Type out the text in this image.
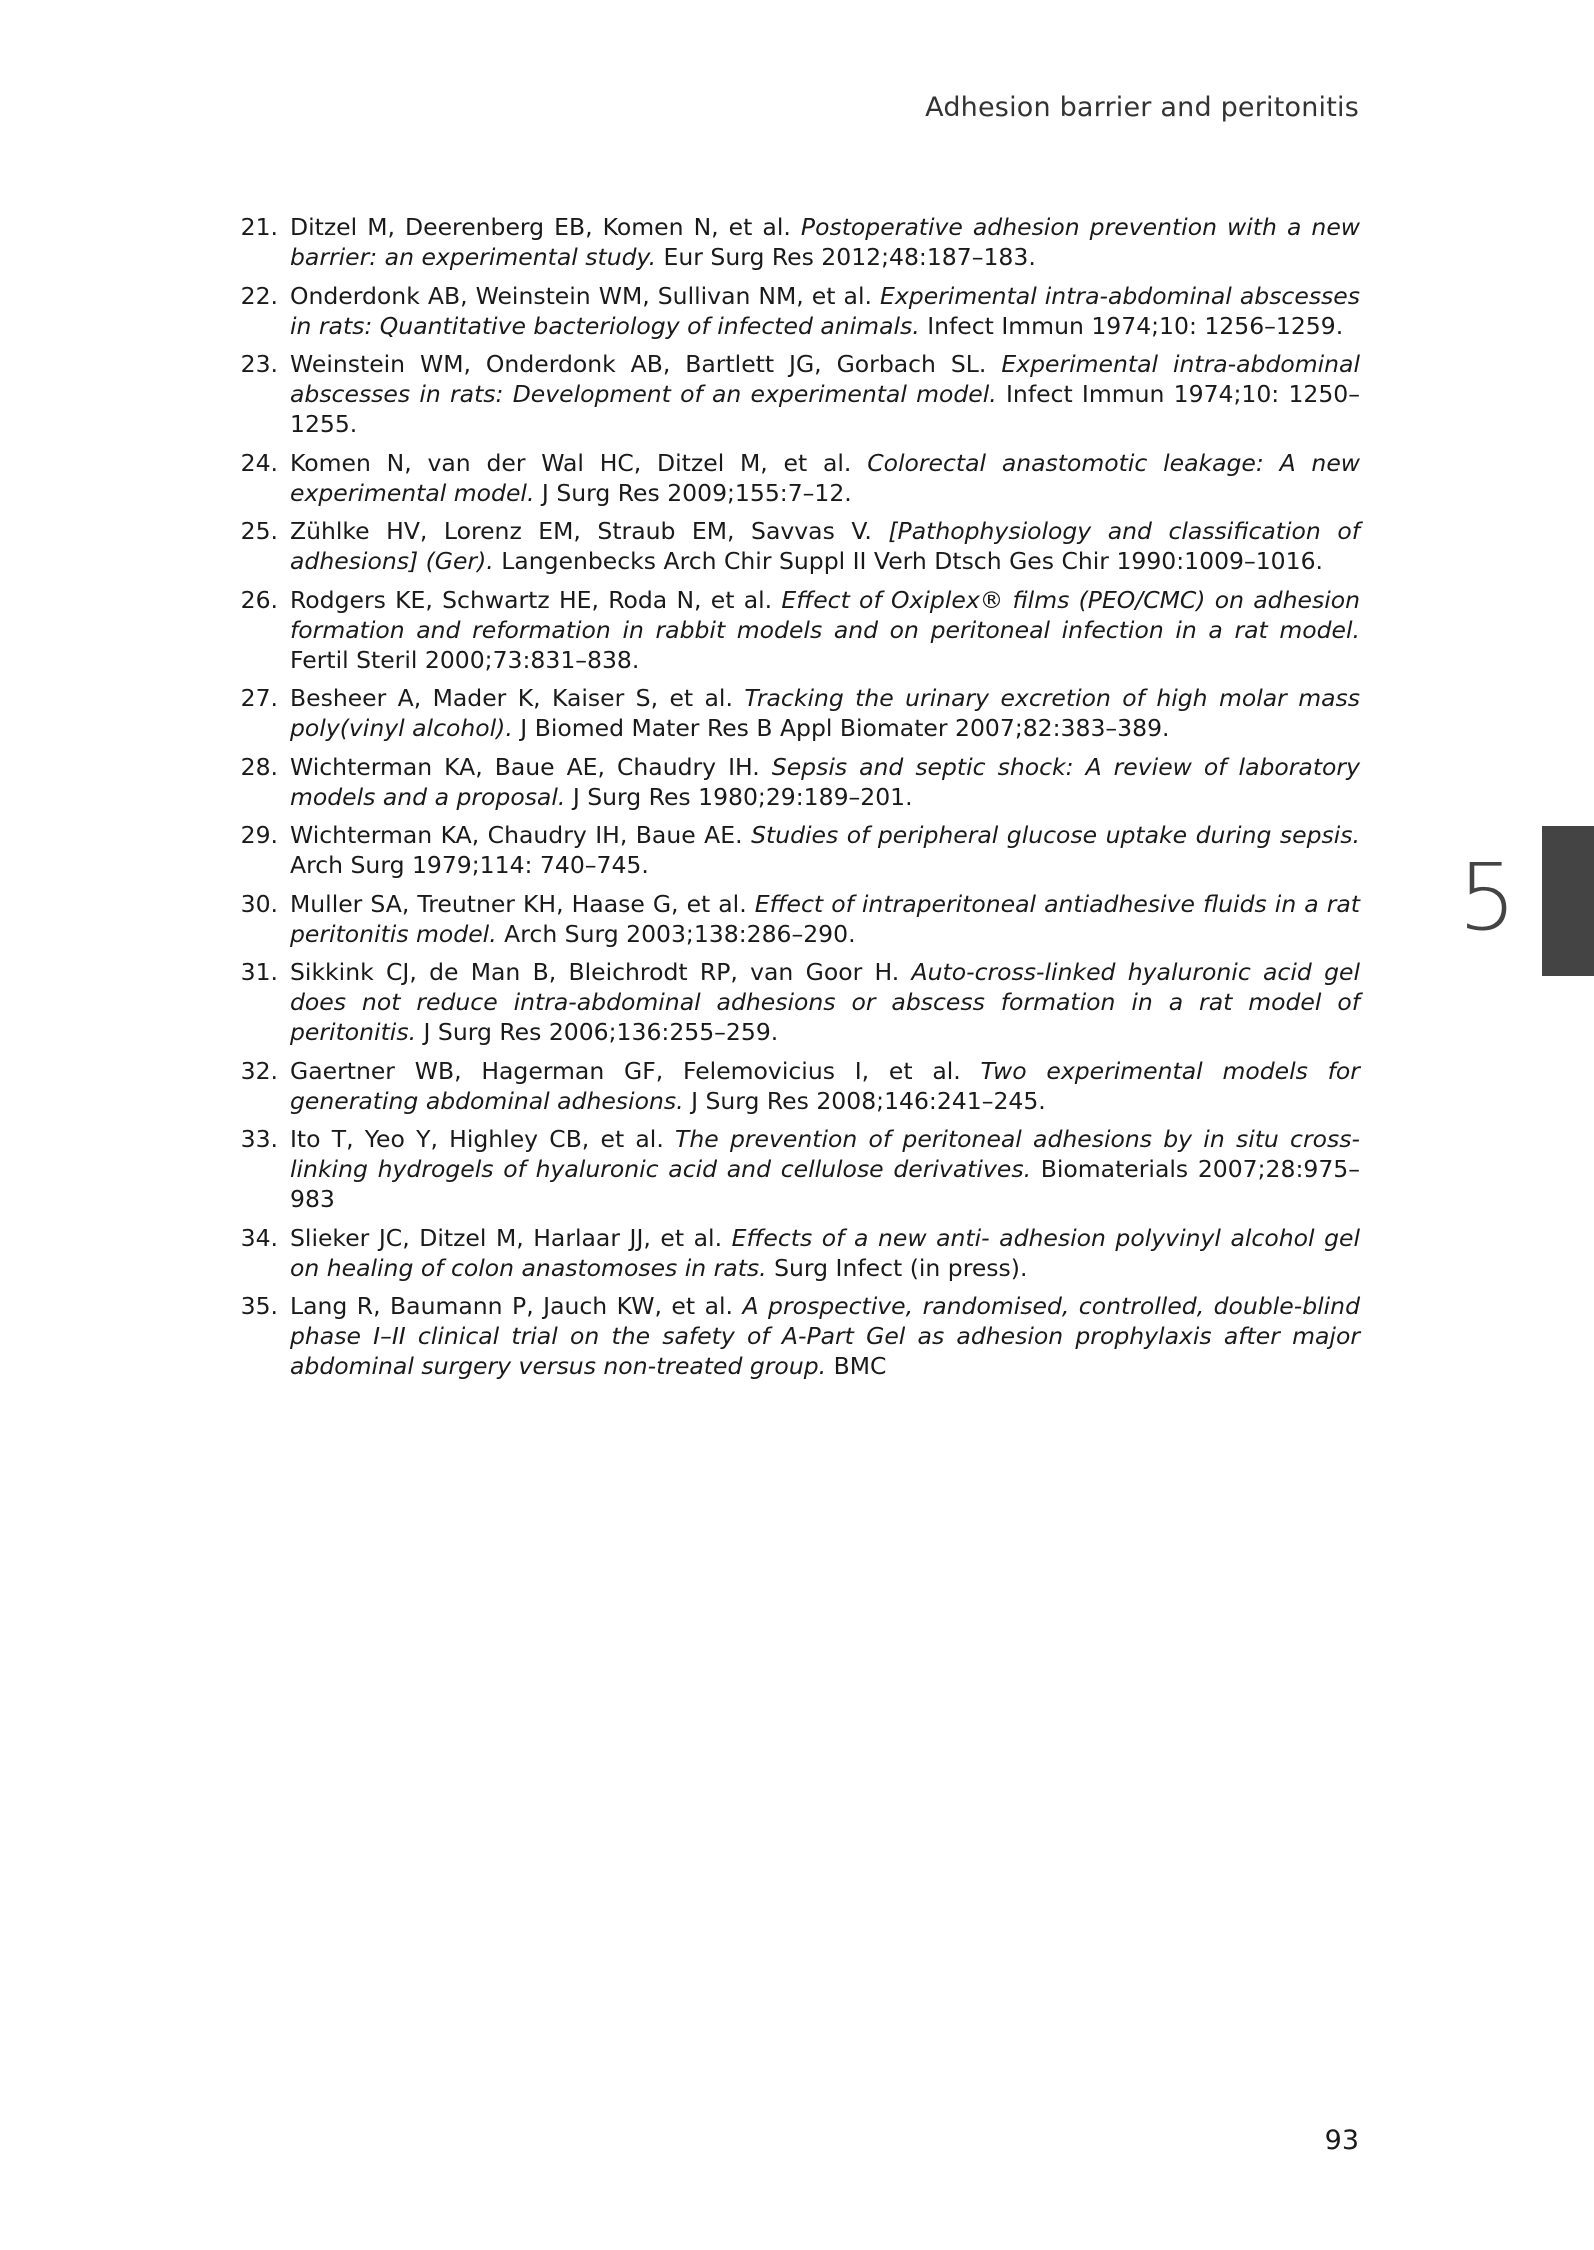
Adhesion barrier and peritonitis
21. Ditzel M, Deerenberg EB, Komen N, et al. Postoperative adhesion prevention with a new barrier: an experimental study. Eur Surg Res 2012;48:187–183.
22. Onderdonk AB, Weinstein WM, Sullivan NM, et al. Experimental intra-abdominal abscesses in rats: Quantitative bacteriology of infected animals. Infect Immun 1974;10: 1256–1259.
23. Weinstein WM, Onderdonk AB, Bartlett JG, Gorbach SL. Experimental intra-abdominal abscesses in rats: Development of an experimental model. Infect Immun 1974;10: 1250–1255.
24. Komen N, van der Wal HC, Ditzel M, et al. Colorectal anastomotic leakage: A new experimental model. J Surg Res 2009;155:7–12.
25. Zühlke HV, Lorenz EM, Straub EM, Savvas V. [Pathophysiology and classification of adhesions] (Ger). Langenbecks Arch Chir Suppl II Verh Dtsch Ges Chir 1990:1009–1016.
26. Rodgers KE, Schwartz HE, Roda N, et al. Effect of Oxiplex® films (PEO/CMC) on adhesion formation and reformation in rabbit models and on peritoneal infection in a rat model. Fertil Steril 2000;73:831–838.
27. Besheer A, Mader K, Kaiser S, et al. Tracking the urinary excretion of high molar mass poly(vinyl alcohol). J Biomed Mater Res B Appl Biomater 2007;82:383–389.
28. Wichterman KA, Baue AE, Chaudry IH. Sepsis and septic shock: A review of laboratory models and a proposal. J Surg Res 1980;29:189–201.
29. Wichterman KA, Chaudry IH, Baue AE. Studies of peripheral glucose uptake during sepsis. Arch Surg 1979;114: 740–745.
30. Muller SA, Treutner KH, Haase G, et al. Effect of intraperitoneal antiadhesive fluids in a rat peritonitis model. Arch Surg 2003;138:286–290.
31. Sikkink CJ, de Man B, Bleichrodt RP, van Goor H. Auto-cross-linked hyaluronic acid gel does not reduce intra-abdominal adhesions or abscess formation in a rat model of peritonitis. J Surg Res 2006;136:255–259.
32. Gaertner WB, Hagerman GF, Felemovicius I, et al. Two experimental models for generating abdominal adhesions. J Surg Res 2008;146:241–245.
33. Ito T, Yeo Y, Highley CB, et al. The prevention of peritoneal adhesions by in situ cross-linking hydrogels of hyaluronic acid and cellulose derivatives. Biomaterials 2007;28:975–983
34. Slieker JC, Ditzel M, Harlaar JJ, et al. Effects of a new anti- adhesion polyvinyl alcohol gel on healing of colon anastomoses in rats. Surg Infect (in press).
35. Lang R, Baumann P, Jauch KW, et al. A prospective, randomised, controlled, double-blind phase I–II clinical trial on the safety of A-Part Gel as adhesion prophylaxis after major abdominal surgery versus non-treated group. BMC
5
93
